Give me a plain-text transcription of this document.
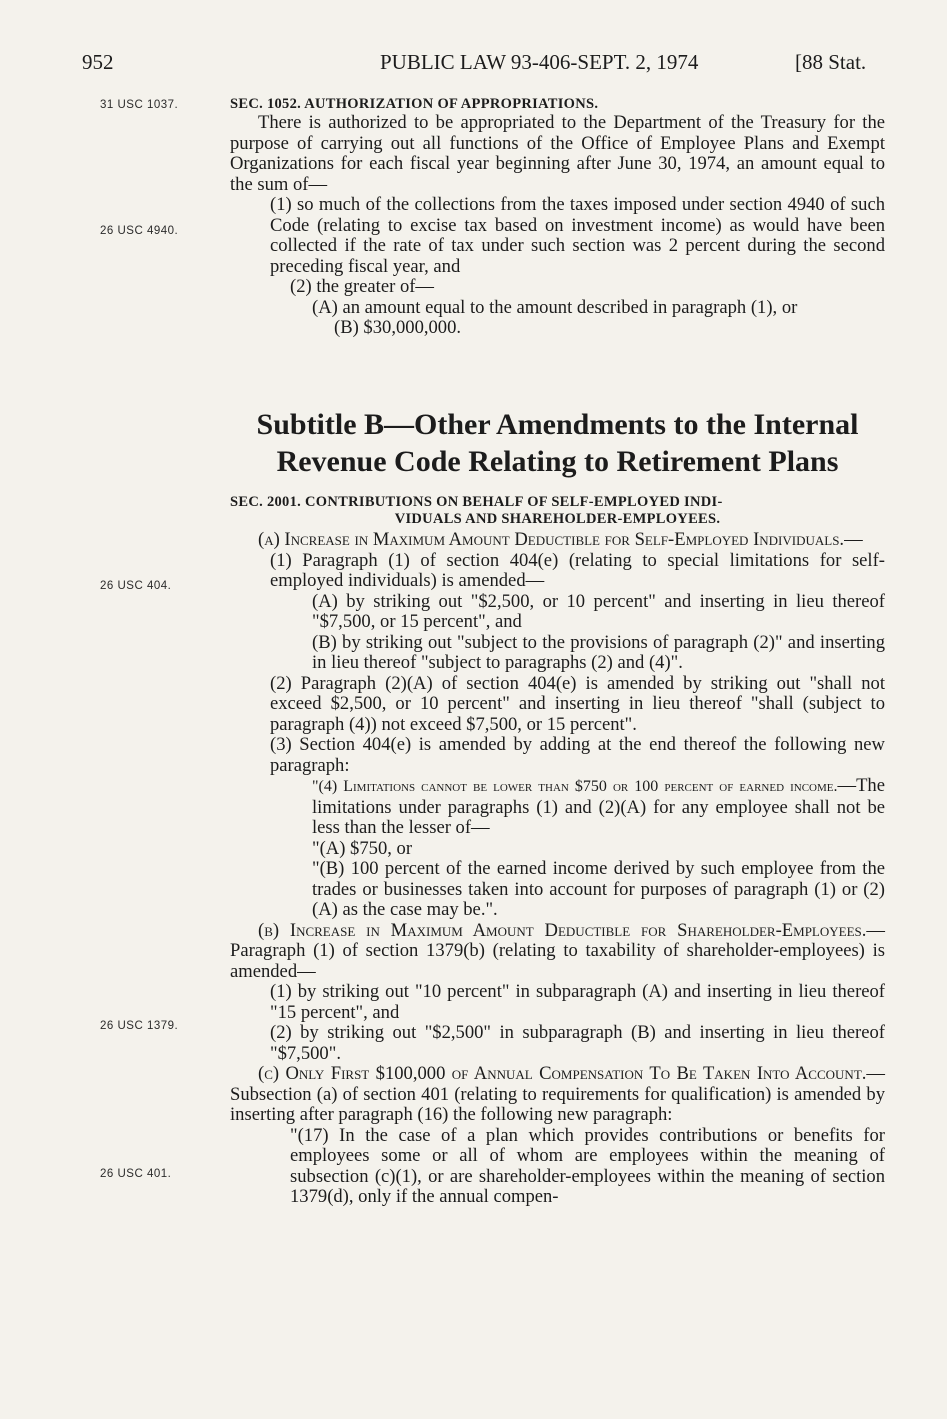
952	PUBLIC LAW 93-406-SEPT. 2, 1974	[88 Stat.
31 USC 1037.
26 USC 4940.
26 USC 404.
26 USC 1379.
26 USC 401.
SEC. 1052. AUTHORIZATION OF APPROPRIATIONS.
There is authorized to be appropriated to the Department of the Treasury for the purpose of carrying out all functions of the Office of Employee Plans and Exempt Organizations for each fiscal year beginning after June 30, 1974, an amount equal to the sum of—
(1) so much of the collections from the taxes imposed under section 4940 of such Code (relating to excise tax based on investment income) as would have been collected if the rate of tax under such section was 2 percent during the second preceding fiscal year, and
(2) the greater of—
(A) an amount equal to the amount described in paragraph (1), or
(B) $30,000,000.
Subtitle B—Other Amendments to the Internal
Revenue Code Relating to Retirement Plans
SEC. 2001. CONTRIBUTIONS ON BEHALF OF SELF-EMPLOYED INDI-
VIDUALS AND SHAREHOLDER-EMPLOYEES.
(a) Increase in Maximum Amount Deductible for Self-Employed Individuals.—
(1) Paragraph (1) of section 404(e) (relating to special limitations for self-employed individuals) is amended—
(A) by striking out "$2,500, or 10 percent" and inserting in lieu thereof "$7,500, or 15 percent", and
(B) by striking out "subject to the provisions of paragraph (2)" and inserting in lieu thereof "subject to paragraphs (2) and (4)".
(2) Paragraph (2)(A) of section 404(e) is amended by striking out "shall not exceed $2,500, or 10 percent" and inserting in lieu thereof "shall (subject to paragraph (4)) not exceed $7,500, or 15 percent".
(3) Section 404(e) is amended by adding at the end thereof the following new paragraph:
"(4) Limitations cannot be lower than $750 or 100 percent of earned income.—The limitations under paragraphs (1) and (2)(A) for any employee shall not be less than the lesser of—
"(A) $750, or
"(B) 100 percent of the earned income derived by such employee from the trades or businesses taken into account for purposes of paragraph (1) or (2)(A) as the case may be.".
(b) Increase in Maximum Amount Deductible for Shareholder-Employees.—Paragraph (1) of section 1379(b) (relating to taxability of shareholder-employees) is amended—
(1) by striking out "10 percent" in subparagraph (A) and inserting in lieu thereof "15 percent", and
(2) by striking out "$2,500" in subparagraph (B) and inserting in lieu thereof "$7,500".
(c) Only First $100,000 of Annual Compensation To Be Taken Into Account.—Subsection (a) of section 401 (relating to requirements for qualification) is amended by inserting after paragraph (16) the following new paragraph:
"(17) In the case of a plan which provides contributions or benefits for employees some or all of whom are employees within the meaning of subsection (c)(1), or are shareholder-employees within the meaning of section 1379(d), only if the annual compen-
